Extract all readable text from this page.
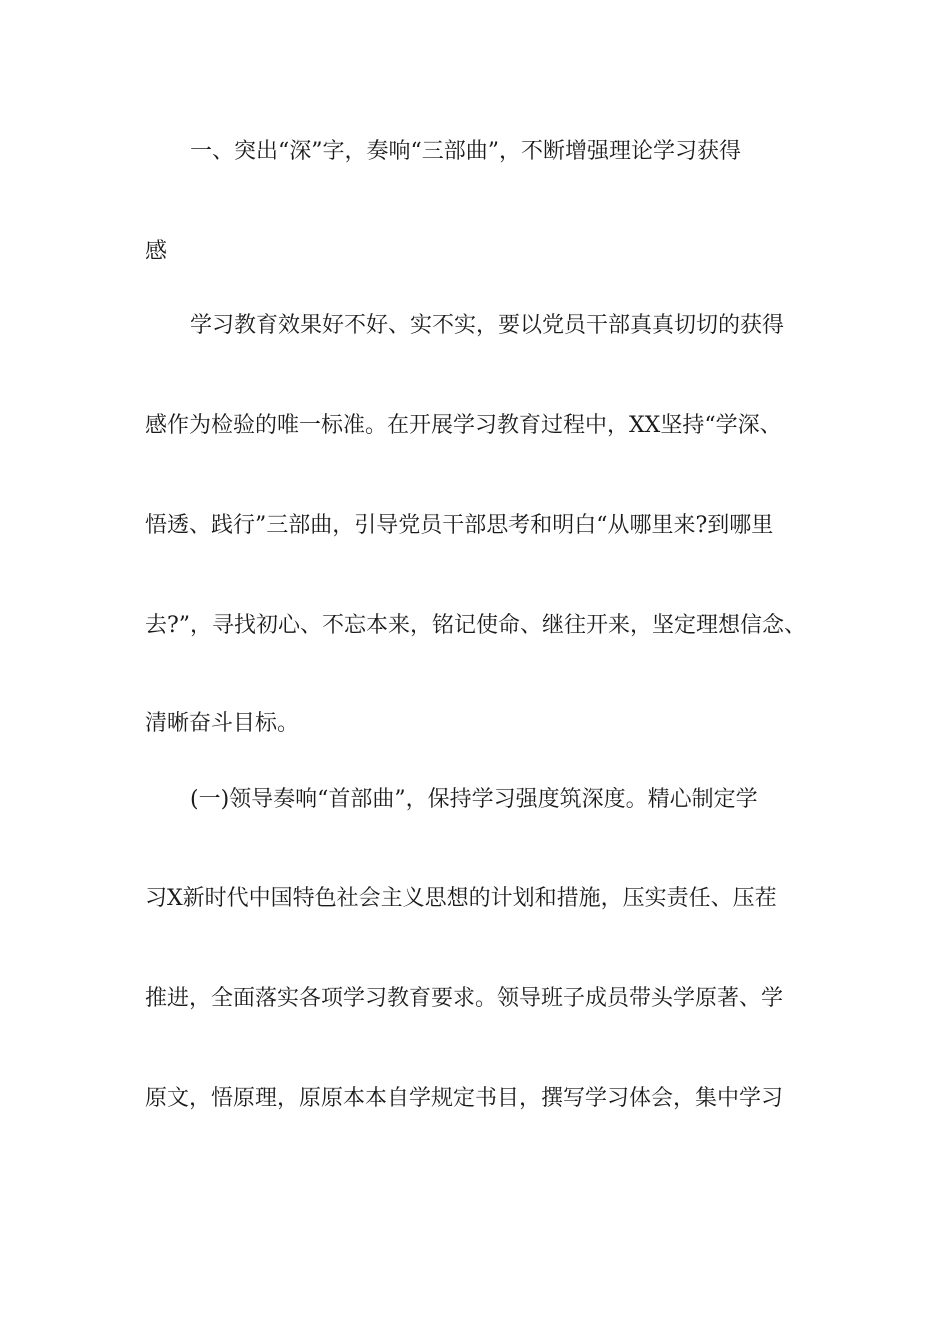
一、突出“深”字，奏响“三部曲”，不断增强理论学习获得

感

学习教育效果好不好、实不实，要以党员干部真真切切的获得

感作为检验的唯一标准。在开展学习教育过程中，XX坚持“学深、

悟透、践行”三部曲，引导党员干部思考和明白“从哪里来?到哪里

去?”，寻找初心、不忘本来，铭记使命、继往开来，坚定理想信念、

清晰奋斗目标。

(一)领导奏响“首部曲”，保持学习强度筑深度。精心制定学

习X新时代中国特色社会主义思想的计划和措施，压实责任、压茬

推进，全面落实各项学习教育要求。领导班子成员带头学原著、学

原文，悟原理，原原本本自学规定书目，撰写学习体会，集中学习
